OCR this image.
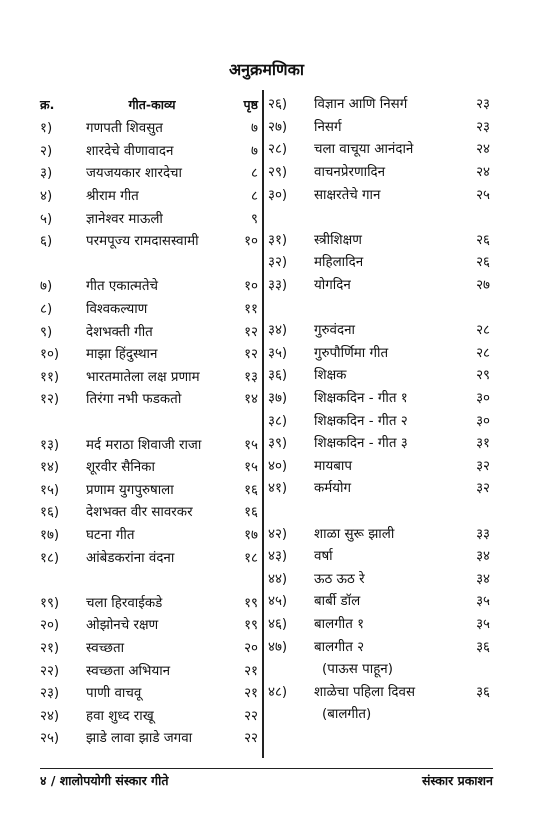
अनुक्रमणिका
क्र.	गीत-काव्य	पृष्ठ
१)	गणपती शिवसुत	७
२)	शारदेचे वीणावादन	७
३)	जयजयकार शारदेचा	८
४)	श्रीराम गीत	८
५)	ज्ञानेश्वर माऊली	९
६)	परमपूज्य रामदासस्वामी	१०
७)	गीत एकात्मतेचे	१०
८)	विश्वकल्याण	११
९)	देशभक्ती गीत	१२
१०)	माझा हिंदुस्थान	१२
११)	भारतमातेला लक्ष प्रणाम	१३
१२)	तिरंगा नभी फडकतो	१४
१३)	मर्द मराठा शिवाजी राजा	१५
१४)	शूरवीर सैनिका	१५
१५)	प्रणाम युगपुरुषाला	१६
१६)	देशभक्त वीर सावरकर	१६
१७)	घटना गीत	१७
१८)	आंबेडकरांना वंदना	१८
१९)	चला हिरवाईकडे	१९
२०)	ओझोनचे रक्षण	१९
२१)	स्वच्छता	२०
२२)	स्वच्छता अभियान	२१
२३)	पाणी वाचवू	२१
२४)	हवा शुध्द राखू	२२
२५)	झाडे लावा झाडे जगवा	२२
२६)	विज्ञान आणि निसर्ग	२३
२७)	निसर्ग	२३
२८)	चला वाचूया आनंदाने	२४
२९)	वाचनप्रेरणादिन	२४
३०)	साक्षरतेचे गान	२५
३१)	स्त्रीशिक्षण	२६
३२)	महिलादिन	२६
३३)	योगदिन	२७
३४)	गुरुवंदना	२८
३५)	गुरुपौर्णिमा गीत	२८
३६)	शिक्षक	२९
३७)	शिक्षकदिन - गीत १	३०
३८)	शिक्षकदिन - गीत २	३०
३९)	शिक्षकदिन - गीत ३	३१
४०)	मायबाप	३२
४१)	कर्मयोग	३२
४२)	शाळा सुरू झाली	३३
४३)	वर्षा	३४
४४)	ऊठ ऊठ रे	३४
४५)	बार्बी डॉल	३५
४६)	बालगीत १	३५
४७)	बालगीत २	३६
(पाऊस पाहून)
४८)	शाळेचा पहिला दिवस	३६
(बालगीत)
४ / शालोपयोगी संस्कार गीते	संस्कार प्रकाशन
